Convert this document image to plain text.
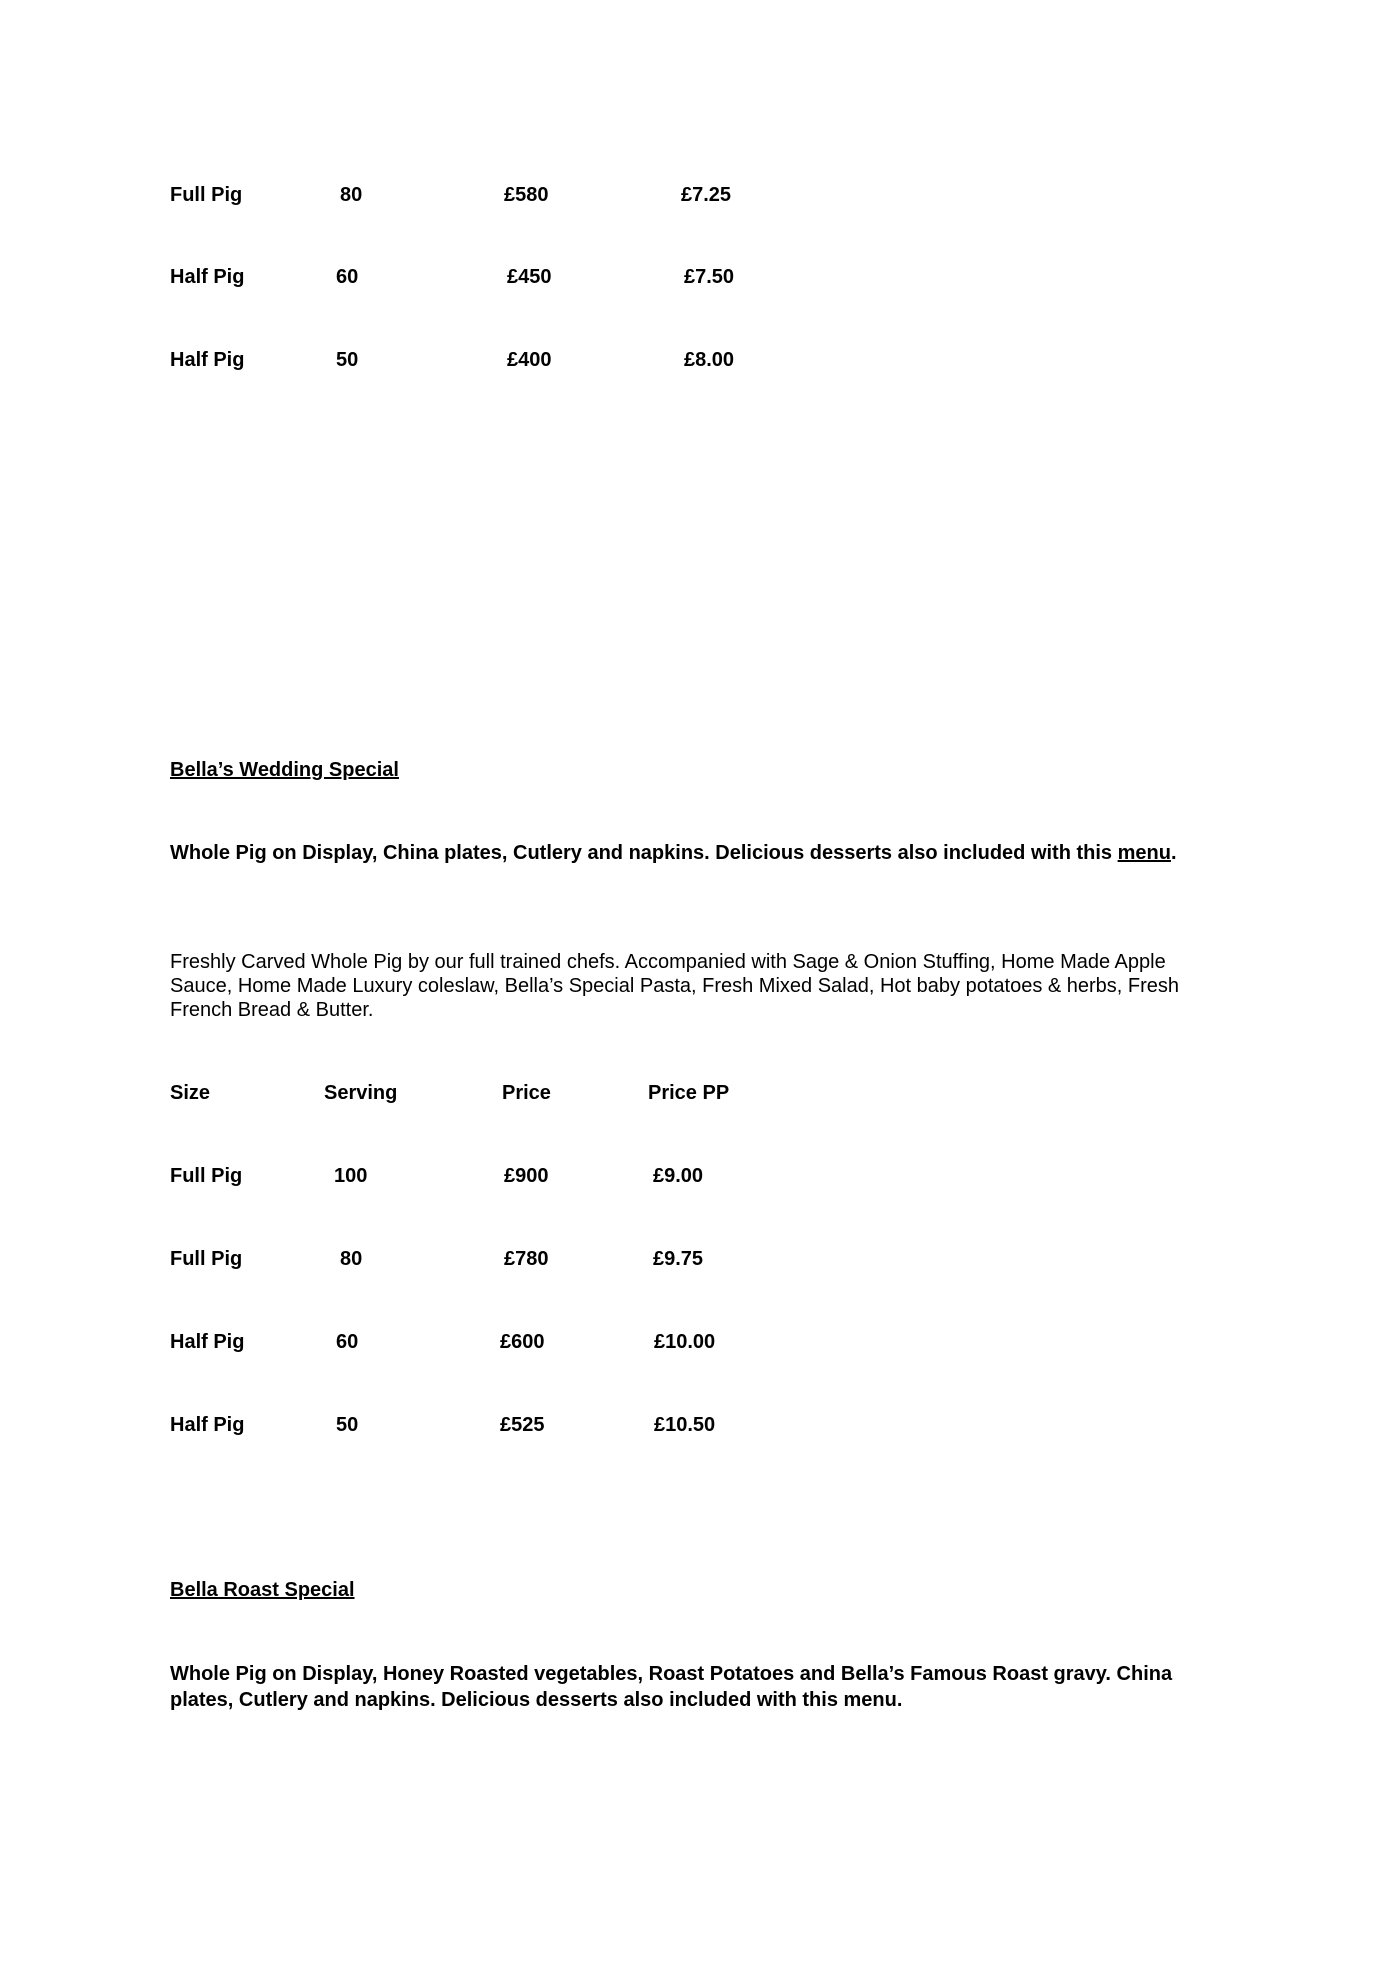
Full Pig	80	£580	£7.25
Half Pig	60	£450	£7.50
Half Pig	50	£400	£8.00
Bella’s Wedding Special
Whole Pig on Display, China plates, Cutlery and napkins. Delicious desserts also included with this menu.
Freshly Carved Whole Pig by our full trained chefs. Accompanied with Sage & Onion Stuffing, Home Made Apple Sauce, Home Made Luxury coleslaw, Bella’s Special Pasta, Fresh Mixed Salad, Hot baby potatoes & herbs, Fresh French Bread & Butter.
Size	Serving	Price	Price PP
Full Pig	100	£900	£9.00
Full Pig	80	£780	£9.75
Half Pig	60	£600	£10.00
Half Pig	50	£525	£10.50
Bella Roast Special
Whole Pig on Display, Honey Roasted vegetables, Roast Potatoes and Bella’s Famous Roast gravy. China plates, Cutlery and napkins. Delicious desserts also included with this menu.
